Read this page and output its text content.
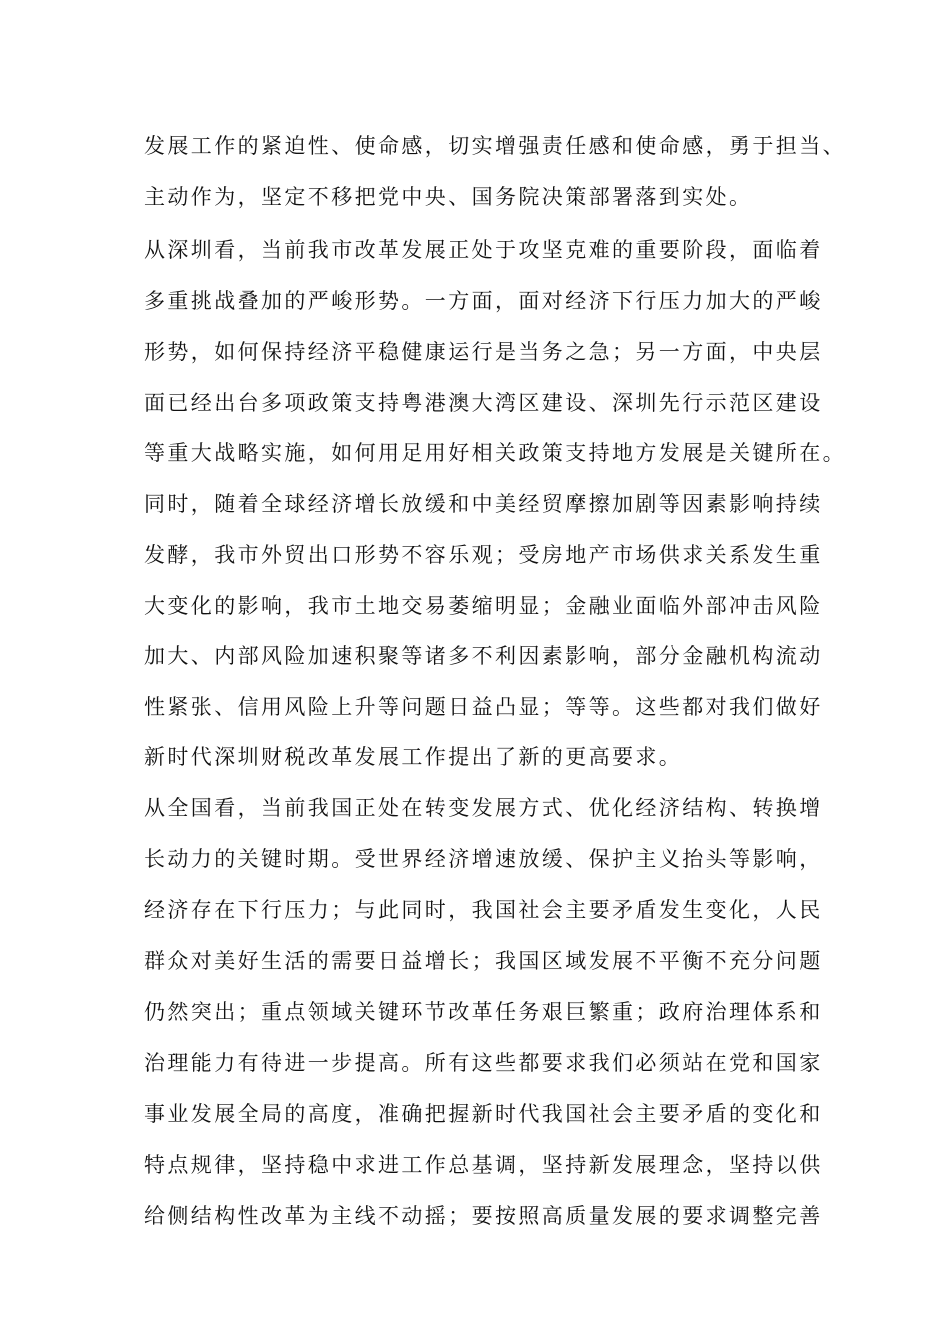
发展工作的紧迫性、使命感，切实增强责任感和使命感，勇于担当、

主动作为，坚定不移把党中央、国务院决策部署落到实处。

从深圳看，当前我市改革发展正处于攻坚克难的重要阶段，面临着

多重挑战叠加的严峻形势。一方面，面对经济下行压力加大的严峻

形势，如何保持经济平稳健康运行是当务之急；另一方面，中央层

面已经出台多项政策支持粤港澳大湾区建设、深圳先行示范区建设

等重大战略实施，如何用足用好相关政策支持地方发展是关键所在。

同时，随着全球经济增长放缓和中美经贸摩擦加剧等因素影响持续

发酵，我市外贸出口形势不容乐观；受房地产市场供求关系发生重

大变化的影响，我市土地交易萎缩明显；金融业面临外部冲击风险

加大、内部风险加速积聚等诸多不利因素影响，部分金融机构流动

性紧张、信用风险上升等问题日益凸显；等等。这些都对我们做好

新时代深圳财税改革发展工作提出了新的更高要求。

从全国看，当前我国正处在转变发展方式、优化经济结构、转换增

长动力的关键时期。受世界经济增速放缓、保护主义抬头等影响，

经济存在下行压力；与此同时，我国社会主要矛盾发生变化，人民

群众对美好生活的需要日益增长；我国区域发展不平衡不充分问题

仍然突出；重点领域关键环节改革任务艰巨繁重；政府治理体系和

治理能力有待进一步提高。所有这些都要求我们必须站在党和国家

事业发展全局的高度，准确把握新时代我国社会主要矛盾的变化和

特点规律，坚持稳中求进工作总基调，坚持新发展理念，坚持以供

给侧结构性改革为主线不动摇；要按照高质量发展的要求调整完善
